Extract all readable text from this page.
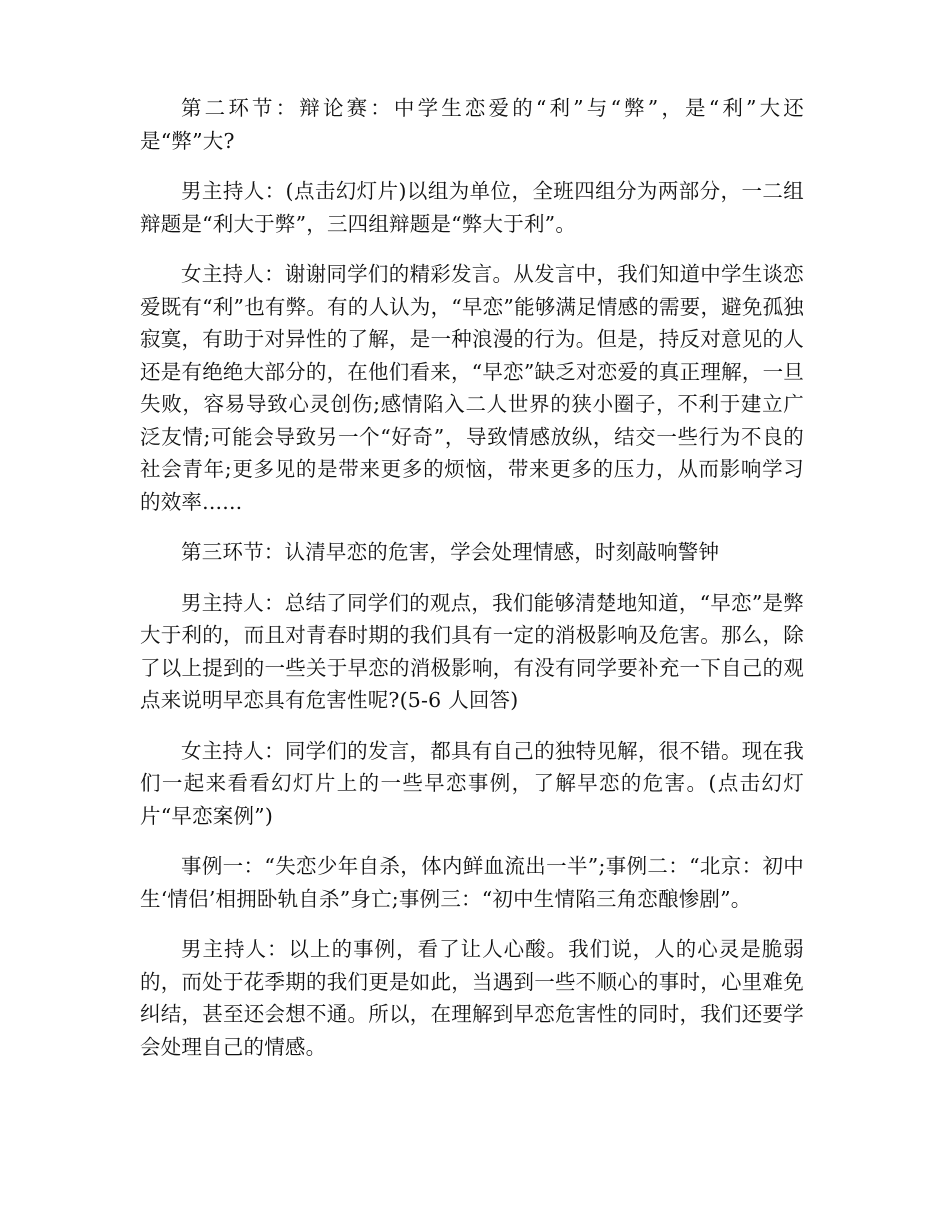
第二环节：辩论赛：中学生恋爱的“利”与“弊”，是“利”大还是“弊”大?

男主持人：(点击幻灯片)以组为单位，全班四组分为两部分，一二组辩题是“利大于弊”，三四组辩题是“弊大于利”。

女主持人：谢谢同学们的精彩发言。从发言中，我们知道中学生谈恋爱既有“利”也有弊。有的人认为，“早恋”能够满足情感的需要，避免孤独寂寞，有助于对异性的了解，是一种浪漫的行为。但是，持反对意见的人还是有绝绝大部分的，在他们看来，“早恋”缺乏对恋爱的真正理解，一旦失败，容易导致心灵创伤;感情陷入二人世界的狭小圈子，不利于建立广泛友情;可能会导致另一个“好奇”，导致情感放纵，结交一些行为不良的社会青年;更多见的是带来更多的烦恼，带来更多的压力，从而影响学习的效率......

第三环节：认清早恋的危害，学会处理情感，时刻敲响警钟

男主持人：总结了同学们的观点，我们能够清楚地知道，“早恋”是弊大于利的，而且对青春时期的我们具有一定的消极影响及危害。那么，除了以上提到的一些关于早恋的消极影响，有没有同学要补充一下自己的观点来说明早恋具有危害性呢?(5-6 人回答)

女主持人：同学们的发言，都具有自己的独特见解，很不错。现在我们一起来看看幻灯片上的一些早恋事例，了解早恋的危害。(点击幻灯片“早恋案例”)

事例一：“失恋少年自杀，体内鲜血流出一半”;事例二：“北京：初中生‘情侣’相拥卧轨自杀”身亡;事例三：“初中生情陷三角恋酿惨剧”。

男主持人：以上的事例，看了让人心酸。我们说，人的心灵是脆弱的，而处于花季期的我们更是如此，当遇到一些不顺心的事时，心里难免纠结，甚至还会想不通。所以，在理解到早恋危害性的同时，我们还要学会处理自己的情感。
